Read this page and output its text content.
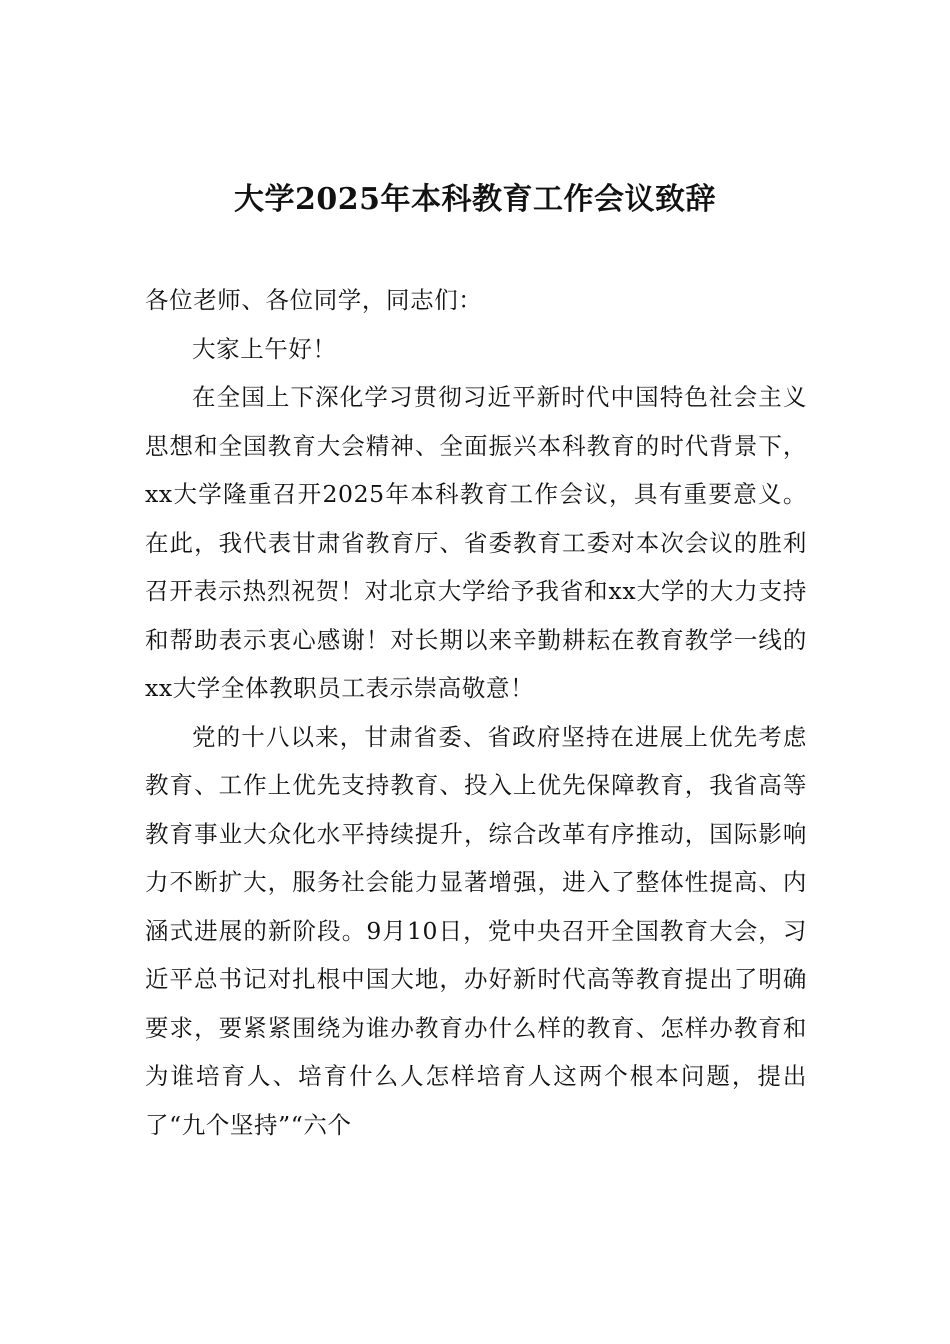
大学2025年本科教育工作会议致辞

各位老师、各位同学，同志们：

大家上午好！

在全国上下深化学习贯彻习近平新时代中国特色社会主义思想和全国教育大会精神、全面振兴本科教育的时代背景下，xx大学隆重召开2025年本科教育工作会议，具有重要意义。在此，我代表甘肃省教育厅、省委教育工委对本次会议的胜利召开表示热烈祝贺！对北京大学给予我省和xx大学的大力支持和帮助表示衷心感谢！对长期以来辛勤耕耘在教育教学一线的xx大学全体教职员工表示崇高敬意！

党的十八以来，甘肃省委、省政府坚持在进展上优先考虑教育、工作上优先支持教育、投入上优先保障教育，我省高等教育事业大众化水平持续提升，综合改革有序推动，国际影响力不断扩大，服务社会能力显著增强，进入了整体性提高、内涵式进展的新阶段。9月10日，党中央召开全国教育大会，习近平总书记对扎根中国大地，办好新时代高等教育提出了明确要求，要紧紧围绕为谁办教育办什么样的教育、怎样办教育和为谁培育人、培育什么人怎样培育人这两个根本问题，提出了“九个坚持”“六个
